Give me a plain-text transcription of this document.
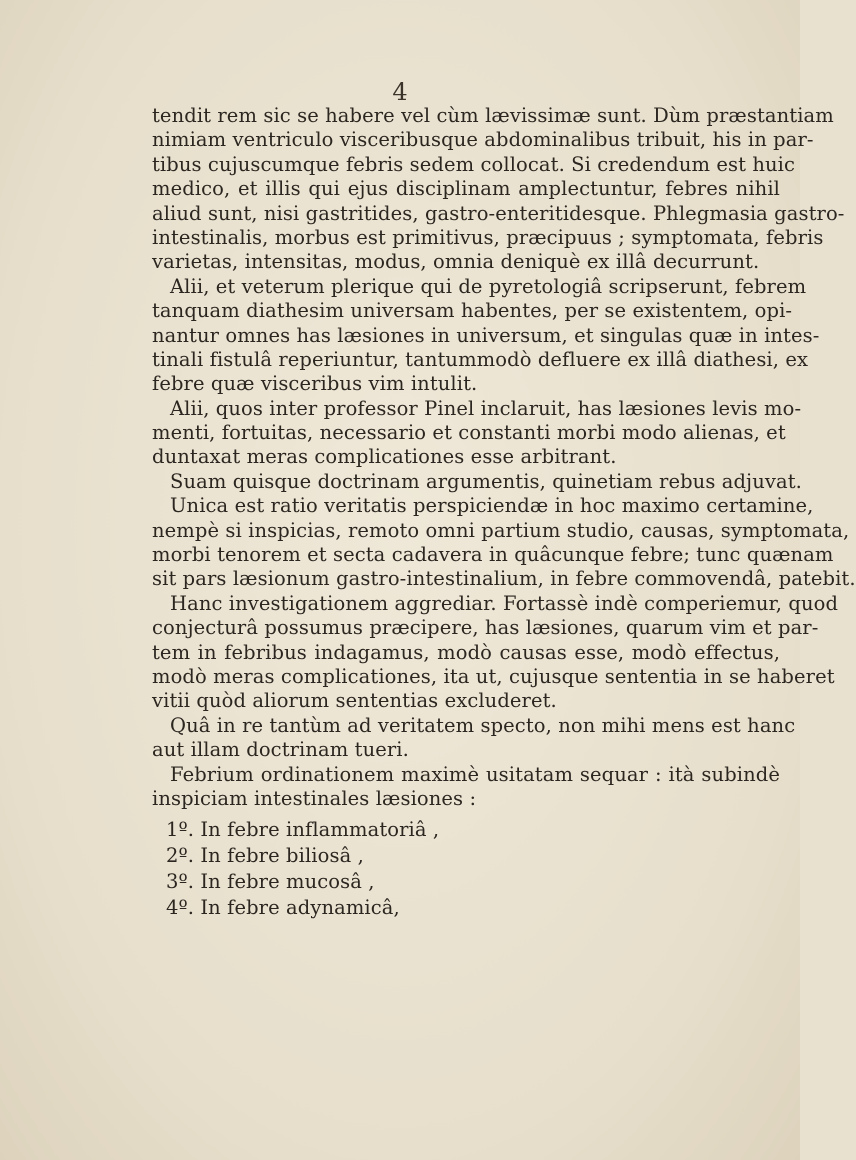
4
tendit rem sic se habere vel cùm lævissimæ sunt. Dùm præstantiam
nimiam ventriculo visceribusque abdominalibus tribuit, his in par-
tibus cujuscumque febris sedem collocat. Si credendum est huic
medico, et illis qui ejus disciplinam amplectuntur, febres nihil
aliud sunt, nisi gastritides, gastro-enteritidesque. Phlegmasia gastro-
intestinalis, morbus est primitivus, præcipuus ; symptomata, febris
varietas, intensitas, modus, omnia deniquè ex illâ decurrunt.
Alii, et veterum plerique qui de pyretologiâ scripserunt, febrem
tanquam diathesim universam habentes, per se existentem, opi-
nantur omnes has læsiones in universum, et singulas quæ in intes-
tinali fistulâ reperiuntur, tantummodò defluere ex illâ diathesi, ex
febre quæ visceribus vim intulit.
Alii, quos inter professor Pinel inclaruit, has læsiones levis mo-
menti, fortuitas, necessario et constanti morbi modo alienas, et
duntaxat meras complicationes esse arbitrant.
Suam quisque doctrinam argumentis, quinetiam rebus adjuvat.
Unica est ratio veritatis perspiciendæ in hoc maximo certamine,
nempè si inspicias, remoto omni partium studio, causas, symptomata,
morbi tenorem et secta cadavera in quâcunque febre; tunc quænam
sit pars læsionum gastro-intestinalium, in febre commovendâ, patebit.
Hanc investigationem aggrediar. Fortassè indè comperiemur, quod
conjecturâ possumus præcipere, has læsiones, quarum vim et par-
tem in febribus indagamus, modò causas esse, modò effectus,
modò meras complicationes, ita ut, cujusque sententia in se haberet
vitii quòd aliorum sententias excluderet.
Quâ in re tantùm ad veritatem specto, non mihi mens est hanc
aut illam doctrinam tueri.
Febrium ordinationem maximè usitatam sequar : ità subindè
inspiciam intestinales læsiones :
1º. In febre inflammatoriâ ,
2º. In febre biliosâ ,
3º. In febre mucosâ ,
4º. In febre adynamicâ,
